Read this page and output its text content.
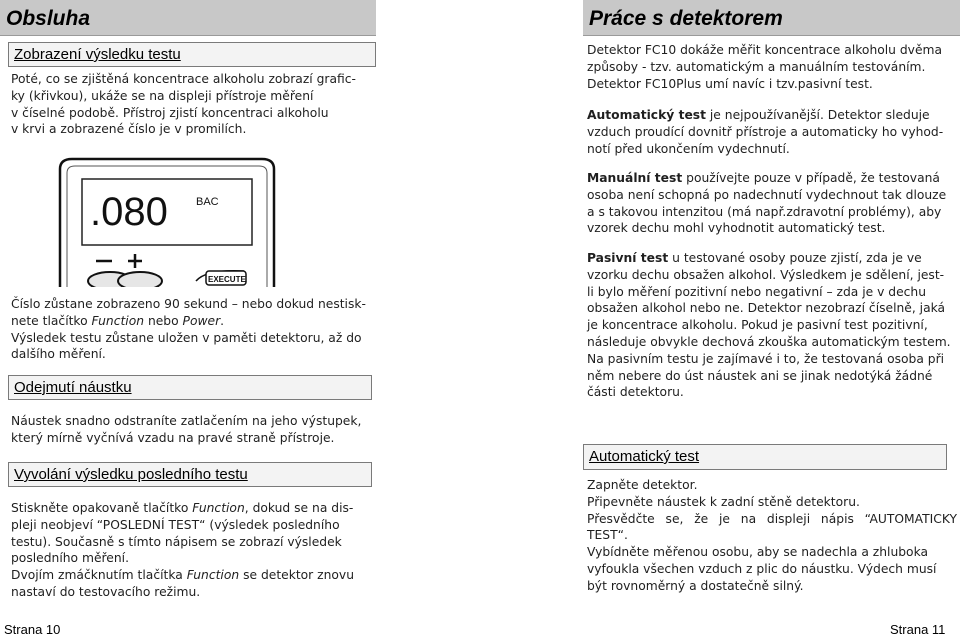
Obsluha
Zobrazení výsledku testu

Poté, co se zjištěná koncentrace alkoholu zobrazí grafic-

ky (křivkou), ukáže se na displeji přístroje měření

v číselné podobě. Přístroj zjistí koncentraci alkoholu

v krvi a zobrazené číslo je v promilích.

.080	BAC
EXECUTE

Číslo zůstane zobrazeno 90 sekund – nebo dokud nestisk-

nete tlačítko Function nebo Power.

Výsledek testu zůstane uložen v paměti detektoru, až do

dalšího měření.

Odejmutí náustku

Náustek snadno odstraníte zatlačením na jeho výstupek,

který mírně vyčnívá vzadu na pravé straně přístroje.

Vyvolání výsledku posledního testu

Stiskněte opakovaně tlačítko Function, dokud se na dis-

pleji neobjeví “POSLEDNÍ TEST“ (výsledek posledního

testu). Současně s tímto nápisem se zobrazí výsledek

posledního měření.

Dvojím zmáčknutím tlačítka Function se detektor znovu

nastaví do testovacího režimu.

Strana 10
Práce s detektorem

Detektor FC10 dokáže měřit koncentrace alkoholu dvěma

způsoby - tzv. automatickým a manuálním testováním.

Detektor FC10Plus umí navíc i tzv.pasivní test.

Automatický test je nejpoužívanější. Detektor sleduje

vzduch proudící dovnitř přístroje a automaticky ho vyhod-

notí před ukončením vydechnutí.

Manuální test používejte pouze v případě, že testovaná

osoba není schopná po nadechnutí vydechnout tak dlouze

a s takovou intenzitou (má např.zdravotní problémy), aby

vzorek dechu mohl vyhodnotit automatický test.

Pasivní test u testované osoby pouze zjistí, zda je ve

vzorku dechu obsažen alkohol. Výsledkem je sdělení, jest-

li bylo měření pozitivní nebo negativní – zda je v dechu

obsažen alkohol nebo ne. Detektor nezobrazí číselně, jaká

je koncentrace alkoholu. Pokud je pasivní test pozitivní,

následuje obvykle dechová zkouška automatickým testem.

Na pasivním testu je zajímavé i to, že testovaná osoba při

něm nebere do úst náustek ani se jinak nedotýká žádné

části detektoru.

Automatický test

Zapněte detektor.

Připevněte náustek k zadní stěně detektoru.

Přesvědčte se, že je na displeji nápis “AUTOMATICKY

TEST“.

Vybídněte měřenou osobu, aby se nadechla a zhluboka

vyfoukla všechen vzduch z plic do náustku. Výdech musí

být rovnoměrný a dostatečně silný.

Strana 11
